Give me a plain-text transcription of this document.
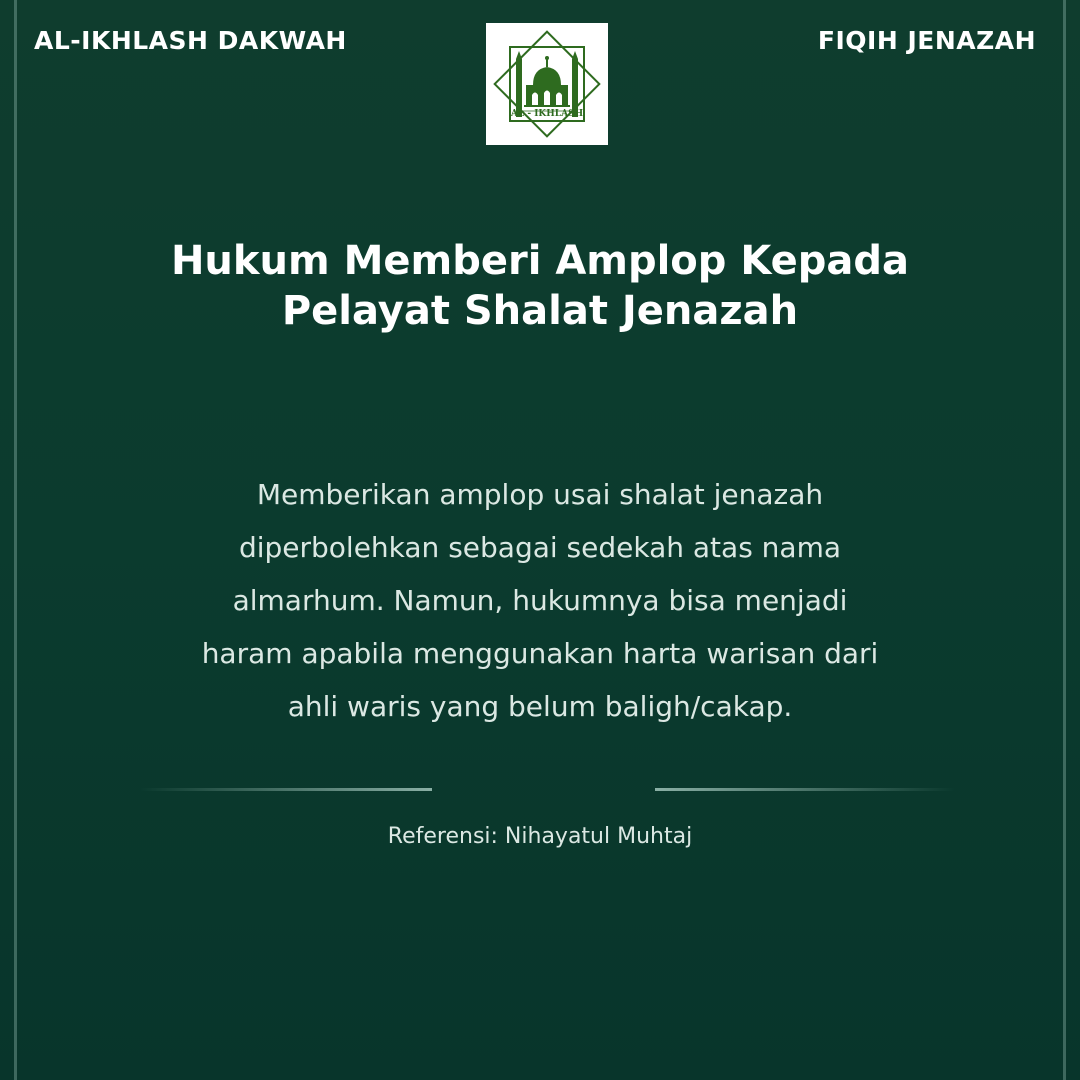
AL-IKHLASH DAKWAH	FIQIH JENAZAH
AL - IKHLASH
Hukum Memberi Amplop Kepada
Pelayat Shalat Jenazah
Memberikan amplop usai shalat jenazah
diperbolehkan sebagai sedekah atas nama
almarhum. Namun, hukumnya bisa menjadi
haram apabila menggunakan harta warisan dari
ahli waris yang belum baligh/cakap.
Referensi: Nihayatul Muhtaj
